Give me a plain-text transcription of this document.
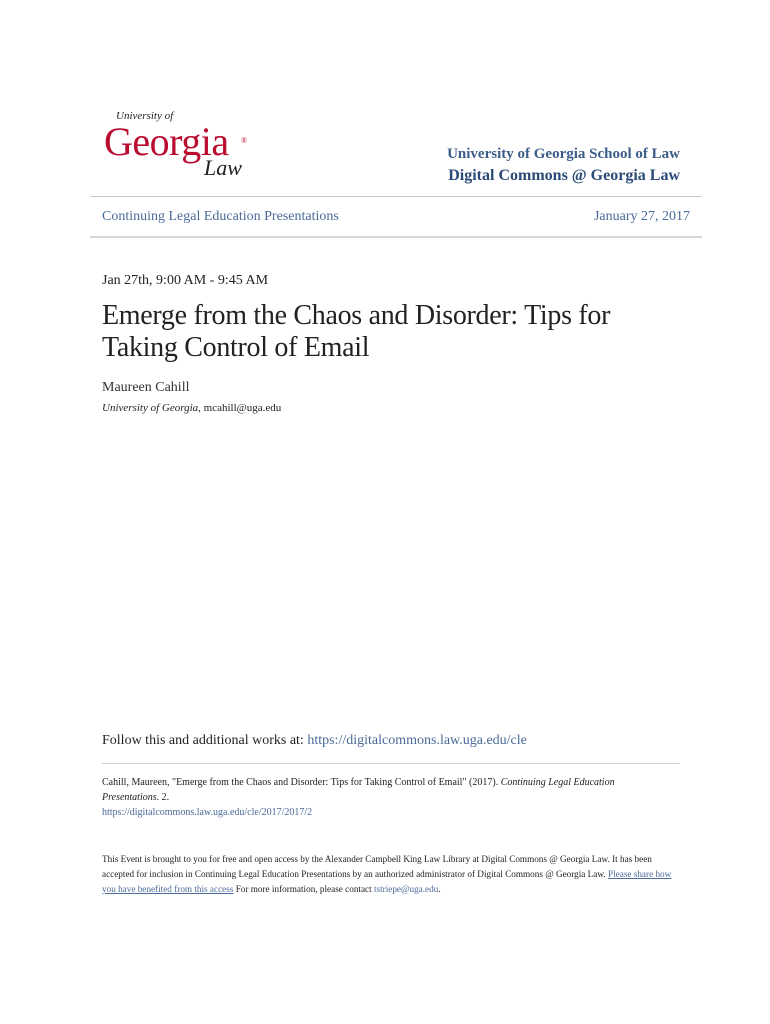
University of
Georgia ®
Law
University of Georgia School of Law
Digital Commons @ Georgia Law
Continuing Legal Education Presentations	January 27, 2017
Jan 27th, 9:00 AM - 9:45 AM
Emerge from the Chaos and Disorder: Tips for Taking Control of Email
Maureen Cahill
University of Georgia, mcahill@uga.edu
Follow this and additional works at: https://digitalcommons.law.uga.edu/cle
Cahill, Maureen, "Emerge from the Chaos and Disorder: Tips for Taking Control of Email" (2017). Continuing Legal Education Presentations. 2.
https://digitalcommons.law.uga.edu/cle/2017/2017/2
This Event is brought to you for free and open access by the Alexander Campbell King Law Library at Digital Commons @ Georgia Law. It has been accepted for inclusion in Continuing Legal Education Presentations by an authorized administrator of Digital Commons @ Georgia Law. Please share how you have benefited from this access For more information, please contact tstriepe@uga.edu.
